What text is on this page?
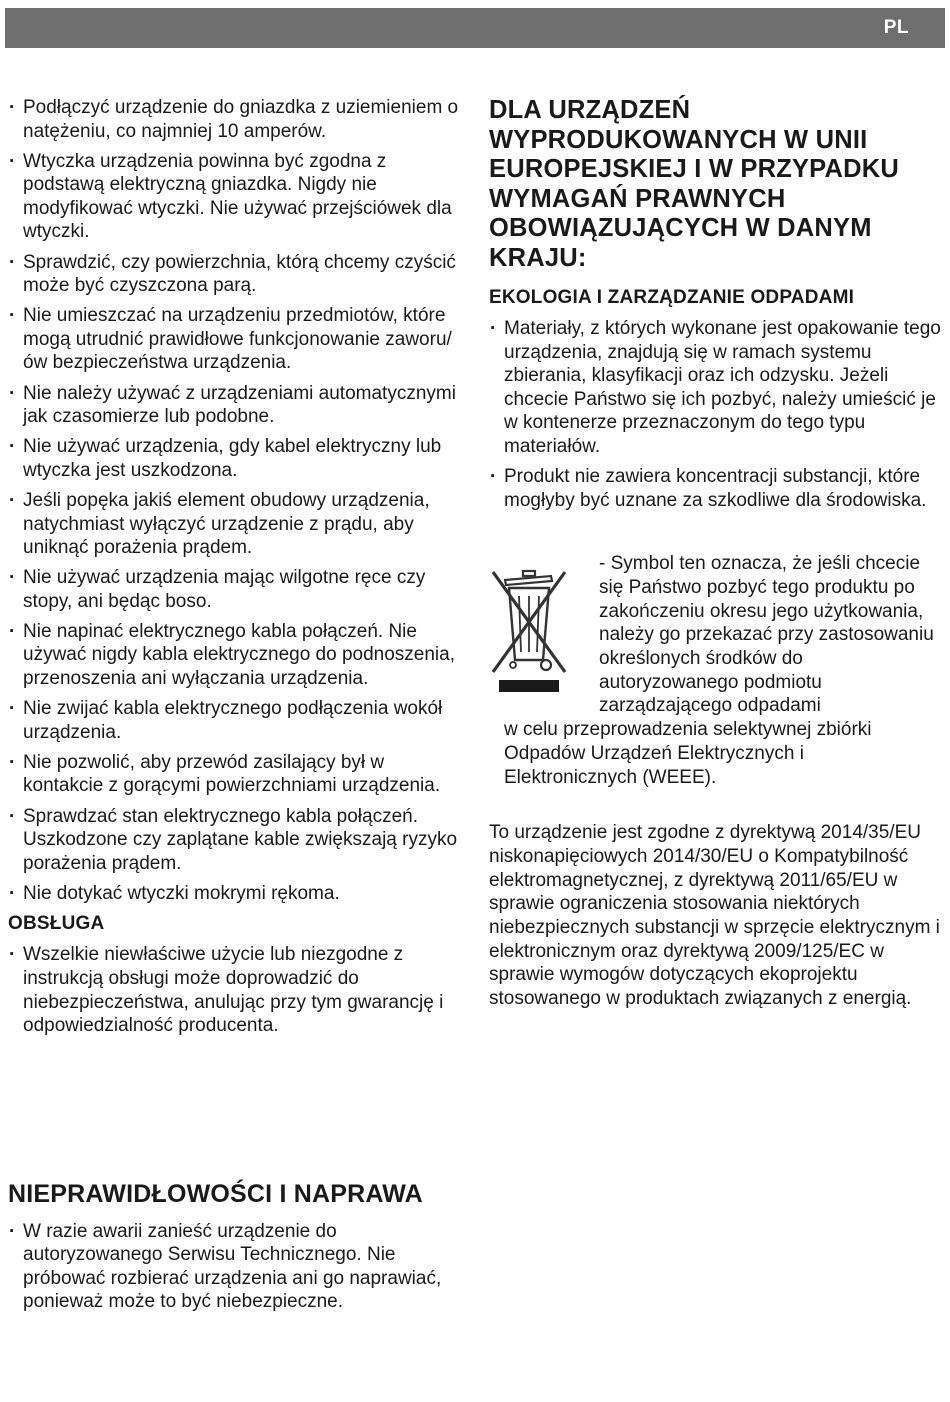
PL
· Podłączyć urządzenie do gniazdka z uziemieniem o natężeniu, co najmniej 10 amperów.
· Wtyczka urządzenia powinna być zgodna z podstawą elektryczną gniazdka. Nigdy nie modyfikować wtyczki. Nie używać przejściówek dla wtyczki.
· Sprawdzić, czy powierzchnia, którą chcemy czyścić może być czyszczona parą.
· Nie umieszczać na urządzeniu przedmiotów, które mogą utrudnić prawidłowe funkcjonowanie zaworu/ów bezpieczeństwa urządzenia.
· Nie należy używać z urządzeniami automatycznymi jak czasomierze lub podobne.
· Nie używać urządzenia, gdy kabel elektryczny lub wtyczka jest uszkodzona.
· Jeśli popęka jakiś element obudowy urządzenia, natychmiast wyłączyć urządzenie z prądu, aby uniknąć porażenia prądem.
· Nie używać urządzenia mając wilgotne ręce czy stopy, ani będąc boso.
· Nie napinać elektrycznego kabla połączeń. Nie używać nigdy kabla elektrycznego do podnoszenia, przenoszenia ani wyłączania urządzenia.
· Nie zwijać kabla elektrycznego podłączenia wokół urządzenia.
· Nie pozwolić, aby przewód zasilający był w kontakcie z gorącymi powierzchniami urządzenia.
· Sprawdzać stan elektrycznego kabla połączeń. Uszkodzone czy zaplątane kable zwiększają ryzyko porażenia prądem.
· Nie dotykać wtyczki mokrymi rękoma.
OBSŁUGA
· Wszelkie niewłaściwe użycie lub niezgodne z instrukcją obsługi może doprowadzić do niebezpieczeństwa, anulując przy tym gwarancję i odpowiedzialność producenta.
NIEPRAWIDŁOWOŚCI I NAPRAWA
· W razie awarii zanieść urządzenie do autoryzowanego Serwisu Technicznego. Nie próbować rozbierać urządzenia ani go naprawiać, ponieważ może to być niebezpieczne.
DLA URZĄDZEŃ WYPRODUKOWANYCH W UNII EUROPEJSKIEJ I W PRZYPADKU WYMAGAŃ PRAWNYCH OBOWIĄZUJĄCYCH W DANYM KRAJU:
EKOLOGIA I ZARZĄDZANIE ODPADAMI
· Materiały, z których wykonane jest opakowanie tego urządzenia, znajdują się w ramach systemu zbierania, klasyfikacji oraz ich odzysku. Jeżeli chcecie Państwo się ich pozbyć, należy umieścić je w kontenerze przeznaczonym do tego typu materiałów.
· Produkt nie zawiera koncentracji substancji, które mogłyby być uznane za szkodliwe dla środowiska.
- Symbol ten oznacza, że jeśli chcecie się Państwo pozbyć tego produktu po zakończeniu okresu jego użytkowania, należy go przekazać przy zastosowaniu określonych środków do autoryzowanego podmiotu zarządzającego odpadami
w celu przeprowadzenia selektywnej zbiórki Odpadów Urządzeń Elektrycznych i Elektronicznych (WEEE).

To urządzenie jest zgodne z dyrektywą 2014/35/EU niskonapięciowych 2014/30/EU o Kompatybilność elektromagnetycznej, z dyrektywą 2011/65/EU w sprawie ograniczenia stosowania niektórych niebezpiecznych substancji w sprzęcie elektrycznym i elektronicznym oraz dyrektywą 2009/125/EC w sprawie wymogów dotyczących ekoprojektu stosowanego w produktach związanych z energią.
